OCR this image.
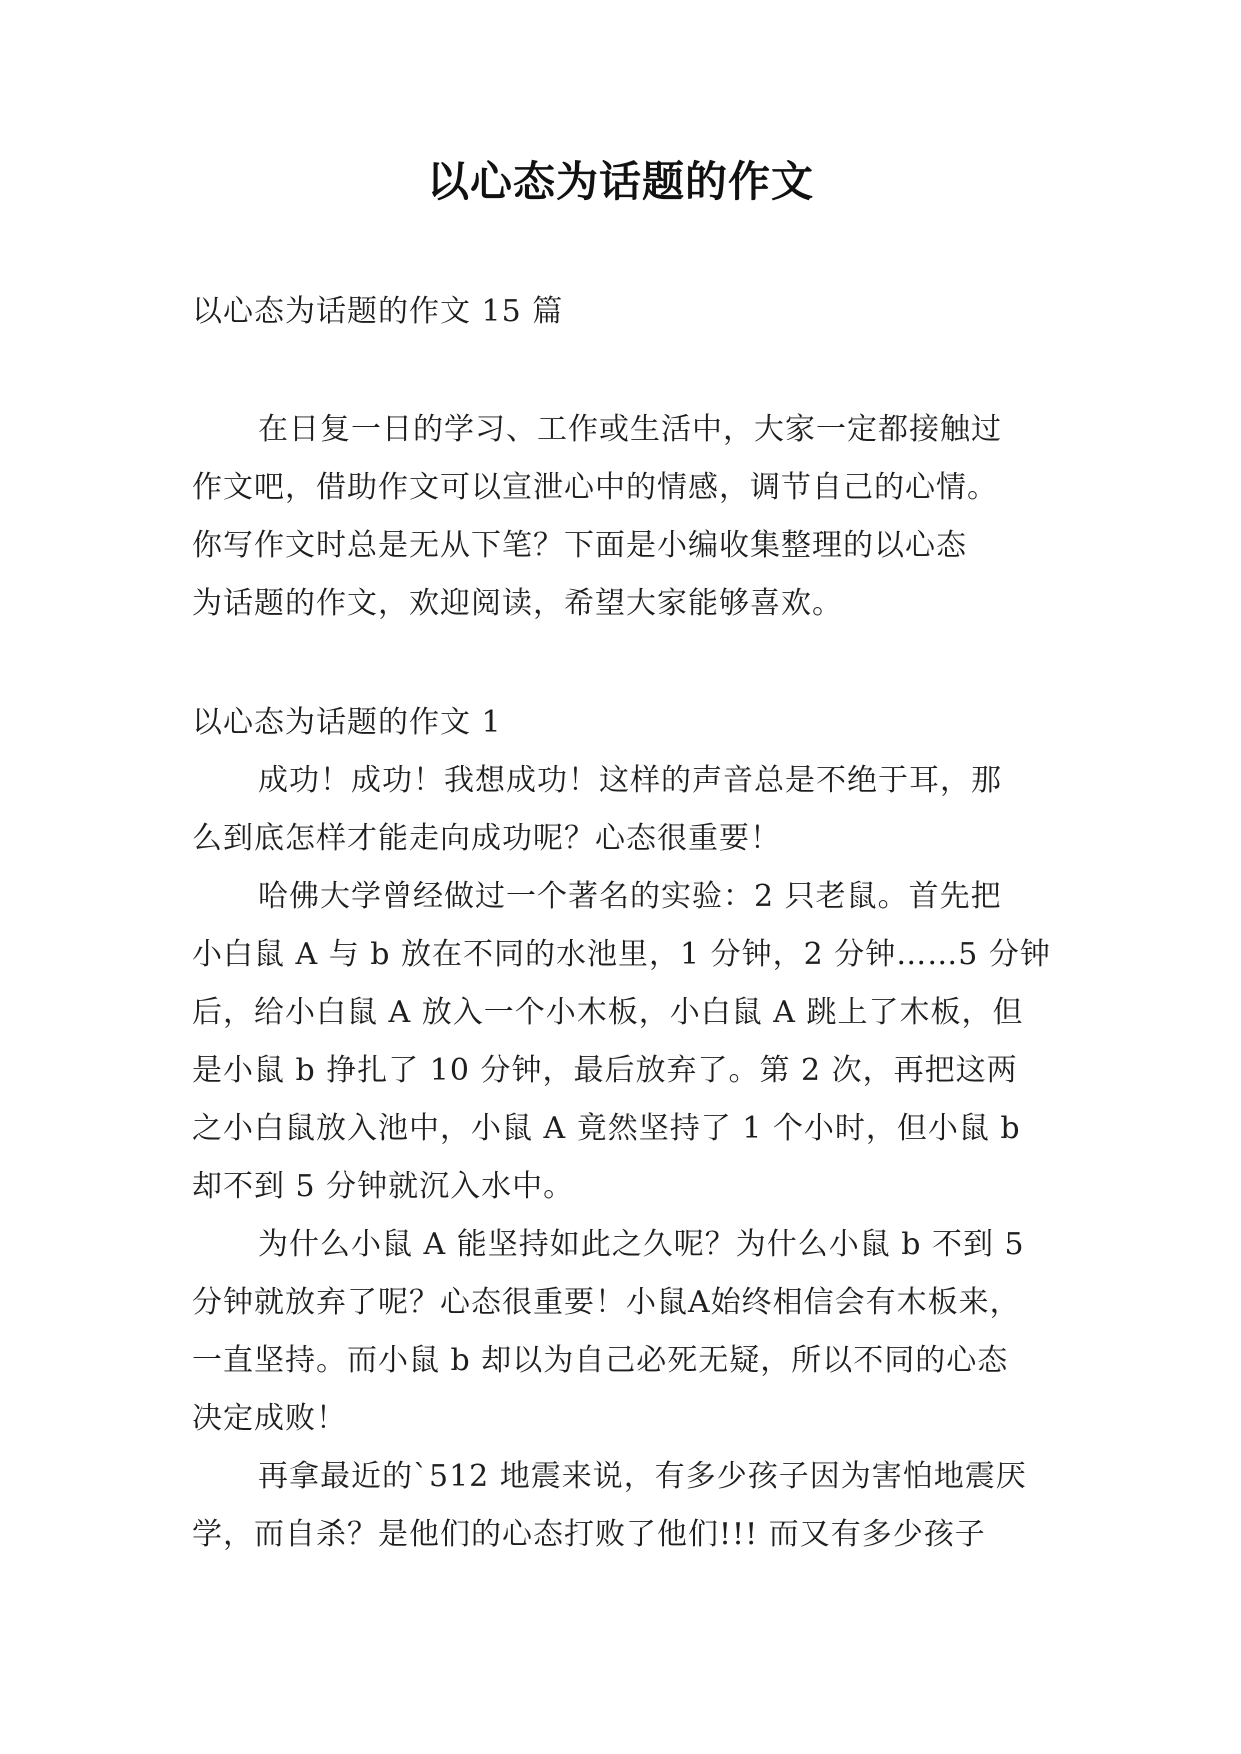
以心态为话题的作文
以心态为话题的作文 15 篇
在日复一日的学习、工作或生活中，大家一定都接触过
作文吧，借助作文可以宣泄心中的情感，调节自己的心情。
你写作文时总是无从下笔？下面是小编收集整理的以心态
为话题的作文，欢迎阅读，希望大家能够喜欢。
以心态为话题的作文 1
成功！成功！我想成功！这样的声音总是不绝于耳，那
么到底怎样才能走向成功呢？心态很重要！
哈佛大学曾经做过一个著名的实验：2 只老鼠。首先把
小白鼠 A 与 b 放在不同的水池里，1 分钟，2 分钟……5 分钟
后，给小白鼠 A 放入一个小木板，小白鼠 A 跳上了木板，但
是小鼠 b 挣扎了 10 分钟，最后放弃了。第 2 次，再把这两
之小白鼠放入池中，小鼠 A 竟然坚持了 1 个小时，但小鼠 b
却不到 5 分钟就沉入水中。
为什么小鼠 A 能坚持如此之久呢？为什么小鼠 b 不到 5
分钟就放弃了呢？心态很重要！小鼠A始终相信会有木板来，
一直坚持。而小鼠 b 却以为自己必死无疑，所以不同的心态
决定成败！
再拿最近的`512 地震来说，有多少孩子因为害怕地震厌
学，而自杀？是他们的心态打败了他们!!! 而又有多少孩子
